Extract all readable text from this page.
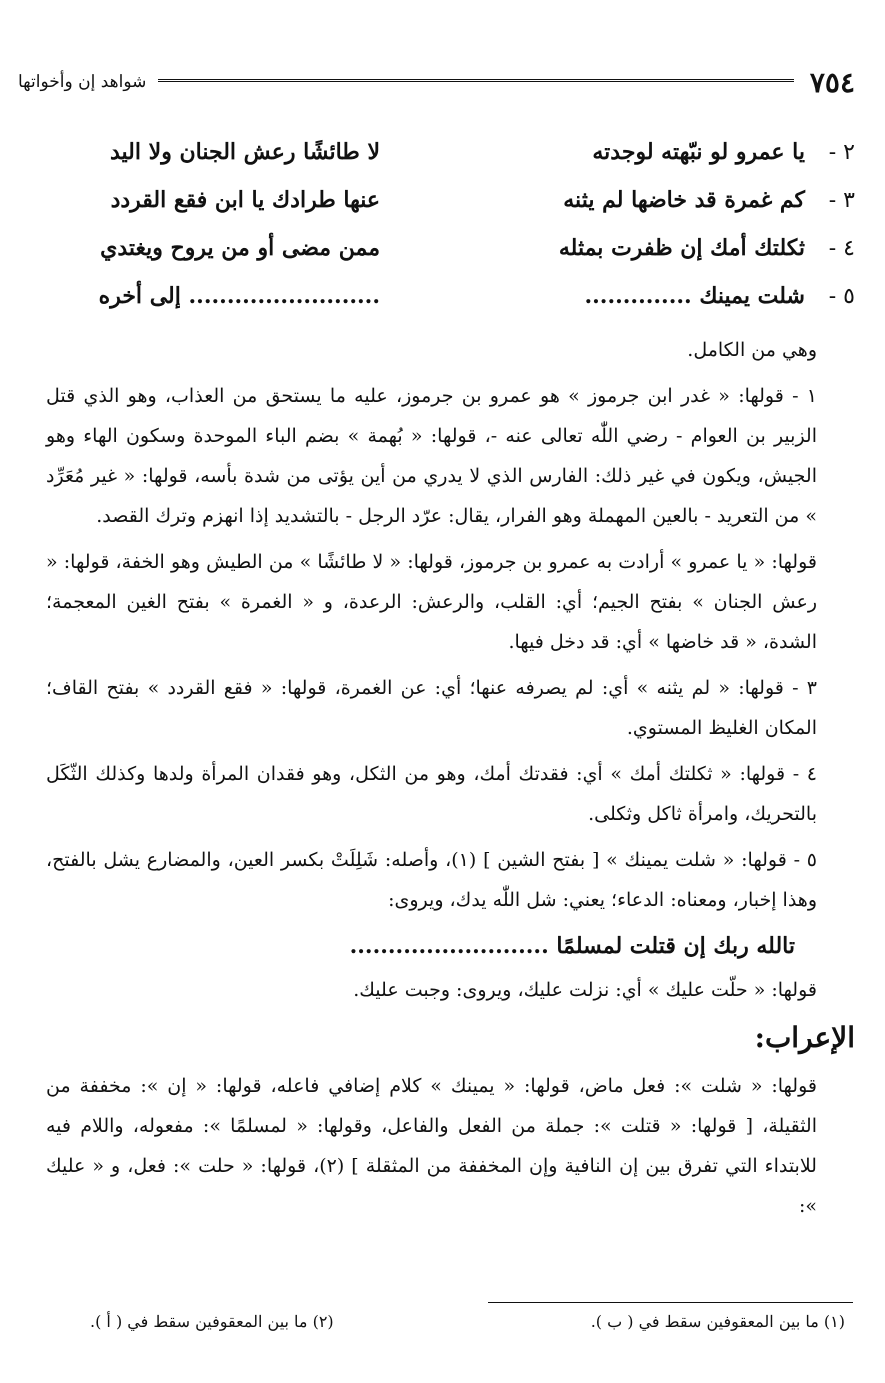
٧٥٤
شواهد إن وأخواتها
٢ -يا عمرو لو نبّهته لوجدته
لا طائشًا رعش الجنان ولا اليد
٣ -كم غمرة قد خاضها لم يثنه
عنها طرادك يا ابن فقع القردد
٤ -ثكلتك أمك إن ظفرت بمثله
ممن مضى أو من يروح ويغتدي
٥ -شلت يمينك ..............
......................... إلى أخره

وهي من الكامل.

١ - قولها: « غدر ابن جرموز » هو عمرو بن جرموز، عليه ما يستحق من العذاب، وهو الذي قتل الزبير بن العوام - رضي اللّٰه تعالى عنه -، قولها: « بُهمة » بضم الباء الموحدة وسكون الهاء وهو الجيش، ويكون في غير ذلك: الفارس الذي لا يدري من أين يؤتى من شدة بأسه، قولها: « غير مُعَرِّد » من التعريد - بالعين المهملة وهو الفرار، يقال: عرّد الرجل - بالتشديد إذا انهزم وترك القصد.

قولها: « يا عمرو » أرادت به عمرو بن جرموز، قولها: « لا طائشًا » من الطيش وهو الخفة، قولها: « رعش الجنان » بفتح الجيم؛ أي: القلب، والرعش: الرعدة، و « الغمرة » بفتح الغين المعجمة؛ الشدة، « قد خاضها » أي: قد دخل فيها.

٣ - قولها: « لم يثنه » أي: لم يصرفه عنها؛ أي: عن الغمرة، قولها: « فقع القردد » بفتح القاف؛ المكان الغليظ المستوي.

٤ - قولها: « ثكلتك أمك » أي: فقدتك أمك، وهو من الثكل، وهو فقدان المرأة ولدها وكذلك الثّكَل بالتحريك، وامرأة ثاكل وثكلى.

٥ - قولها: « شلت يمينك » [ بفتح الشين ] (١)، وأصله: شَلِلَتْ بكسر العين، والمضارع يشل بالفتح، وهذا إخبار، ومعناه: الدعاء؛ يعني: شل اللّٰه يدك، ويروى:

تالله ربك إن قتلت لمسلمًا ..........................

قولها: « حلّت عليك » أي: نزلت عليك، ويروى: وجبت عليك.

الإعراب:

قولها: « شلت »: فعل ماض، قولها: « يمينك » كلام إضافي فاعله، قولها: « إن »: مخففة من الثقيلة، [ قولها: « قتلت »: جملة من الفعل والفاعل، وقولها: « لمسلمًا »: مفعوله، واللام فيه للابتداء التي تفرق بين إن النافية وإن المخففة من المثقلة ] (٢)، قولها: « حلت »: فعل، و « عليك »:

(١) ما بين المعقوفين سقط في ( ب ).
(٢) ما بين المعقوفين سقط في ( أ ).
